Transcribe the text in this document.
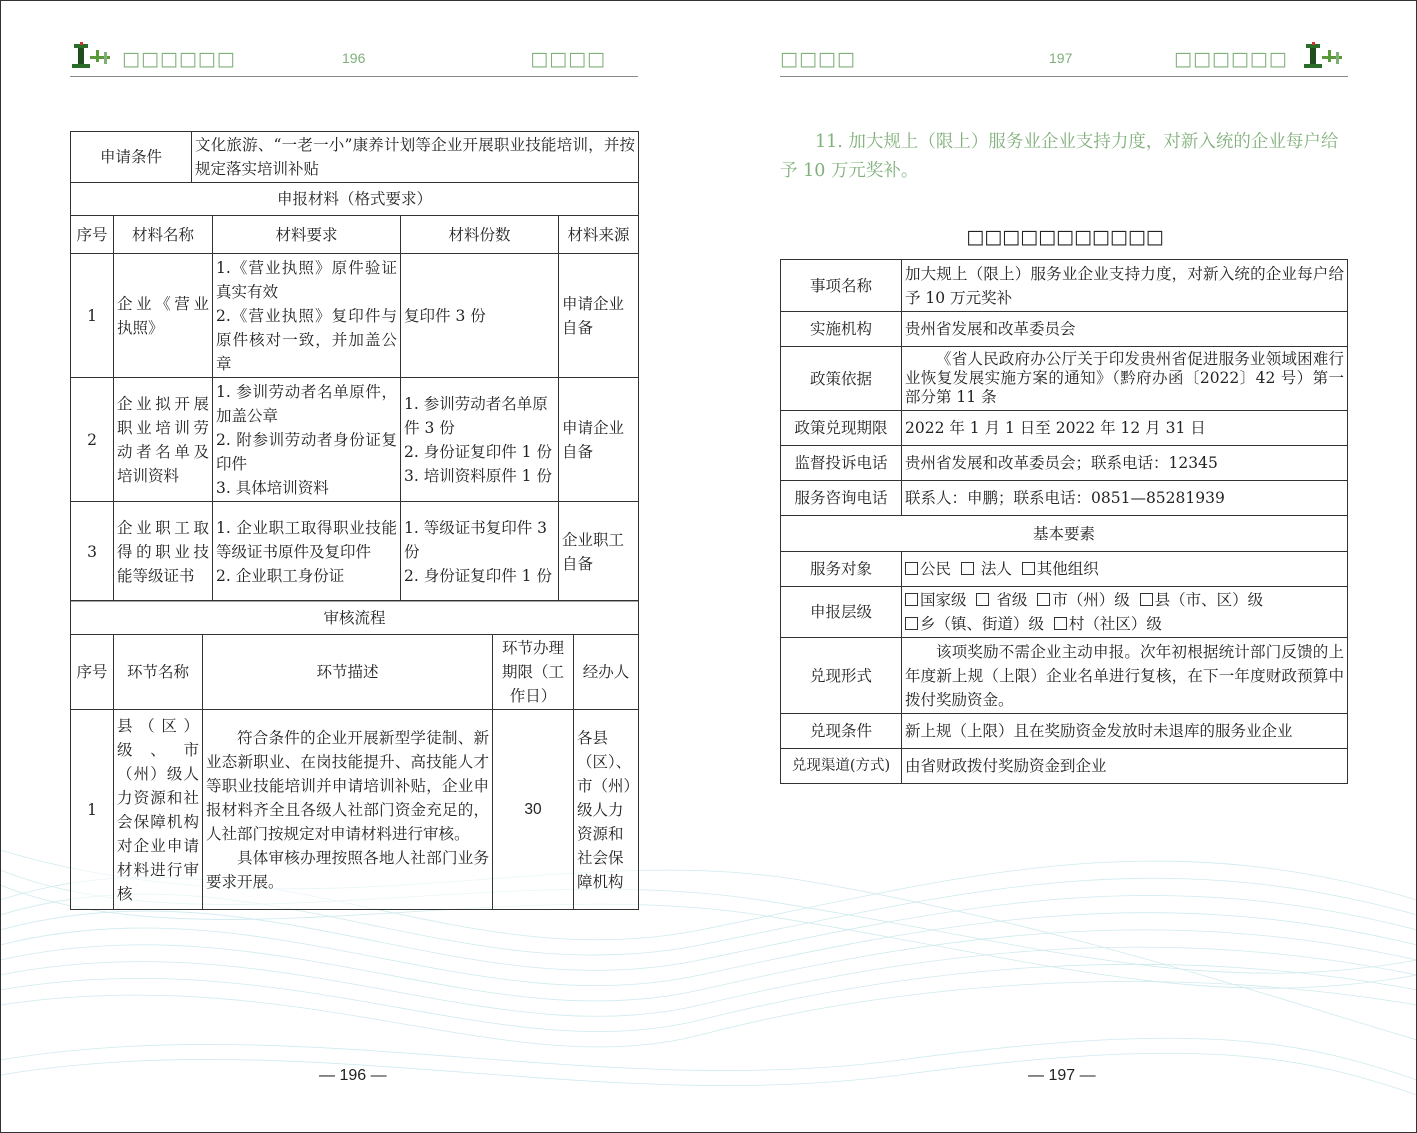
□□□□□□	196	□□□□
申请条件		文化旅游、“一老一小”康养计划等企业开展职业技能培训，并按规定落实培训补贴			
申报材料（格式要求）					
序号	材料名称		材料要求	材料份数	材料来源
1	企业《营业执照》		1.《营业执照》原件验证真实有效
2.《营业执照》复印件与原件核对一致，并加盖公章	复印件 3 份	申请企业自备
2	企业拟开展职业培训劳动者名单及培训资料		1. 参训劳动者名单原件，加盖公章
2. 附参训劳动者身份证复印件
3. 具体培训资料	1. 参训劳动者名单原件 3 份
2. 身份证复印件 1 份
3. 培训资料原件 1 份	申请企业自备
3	企业职工取得的职业技能等级证书		1. 企业职工取得职业技能等级证书原件及复印件
2. 企业职工身份证	1. 等级证书复印件 3 份
2. 身份证复印件 1 份	企业职工自备
审核流程				
序号	环节名称	环节描述	环节办理期限（工作日）	经办人
1	县（区）级、市（州）级人力资源和社会保障机构对企业申请材料进行审核	符合条件的企业开展新型学徒制、新业态新职业、在岗技能提升、高技能人才等职业技能培训并申请培训补贴，企业申报材料齐全且各级人社部门资金充足的，人社部门按规定对申请材料进行审核。
具体审核办理按照各地人社部门业务要求开展。	30	各县（区）、市（州）级人力资源和社会保障机构
— 196 —
□□□□	197	□□□□□□
11. 加大规上（限上）服务业企业支持力度，对新入统的企业每户给予 10 万元奖补。
□□□□□□□□□□□
事项名称	加大规上（限上）服务业企业支持力度，对新入统的企业每户给予 10 万元奖补
实施机构	贵州省发展和改革委员会
政策依据	《省人民政府办公厅关于印发贵州省促进服务业领域困难行业恢复发展实施方案的通知》（黔府办函〔2022〕42 号）第一部分第 11 条
政策兑现期限	2022 年 1 月 1 日至 2022 年 12 月 31 日
监督投诉电话	贵州省发展和改革委员会；联系电话：12345
服务咨询电话	联系人：申鹏；联系电话：0851—85281939
基本要素	
服务对象	公民 法人 其他组织
申报层级	国家级 省级 市（州）级 县（市、区）级
乡（镇、街道）级 村（社区）级
兑现形式	该项奖励不需企业主动申报。次年初根据统计部门反馈的上年度新上规（上限）企业名单进行复核，在下一年度财政预算中拨付奖励资金。
兑现条件	新上规（上限）且在奖励资金发放时未退库的服务业企业
兑现渠道(方式)	由省财政拨付奖励资金到企业
— 197 —
